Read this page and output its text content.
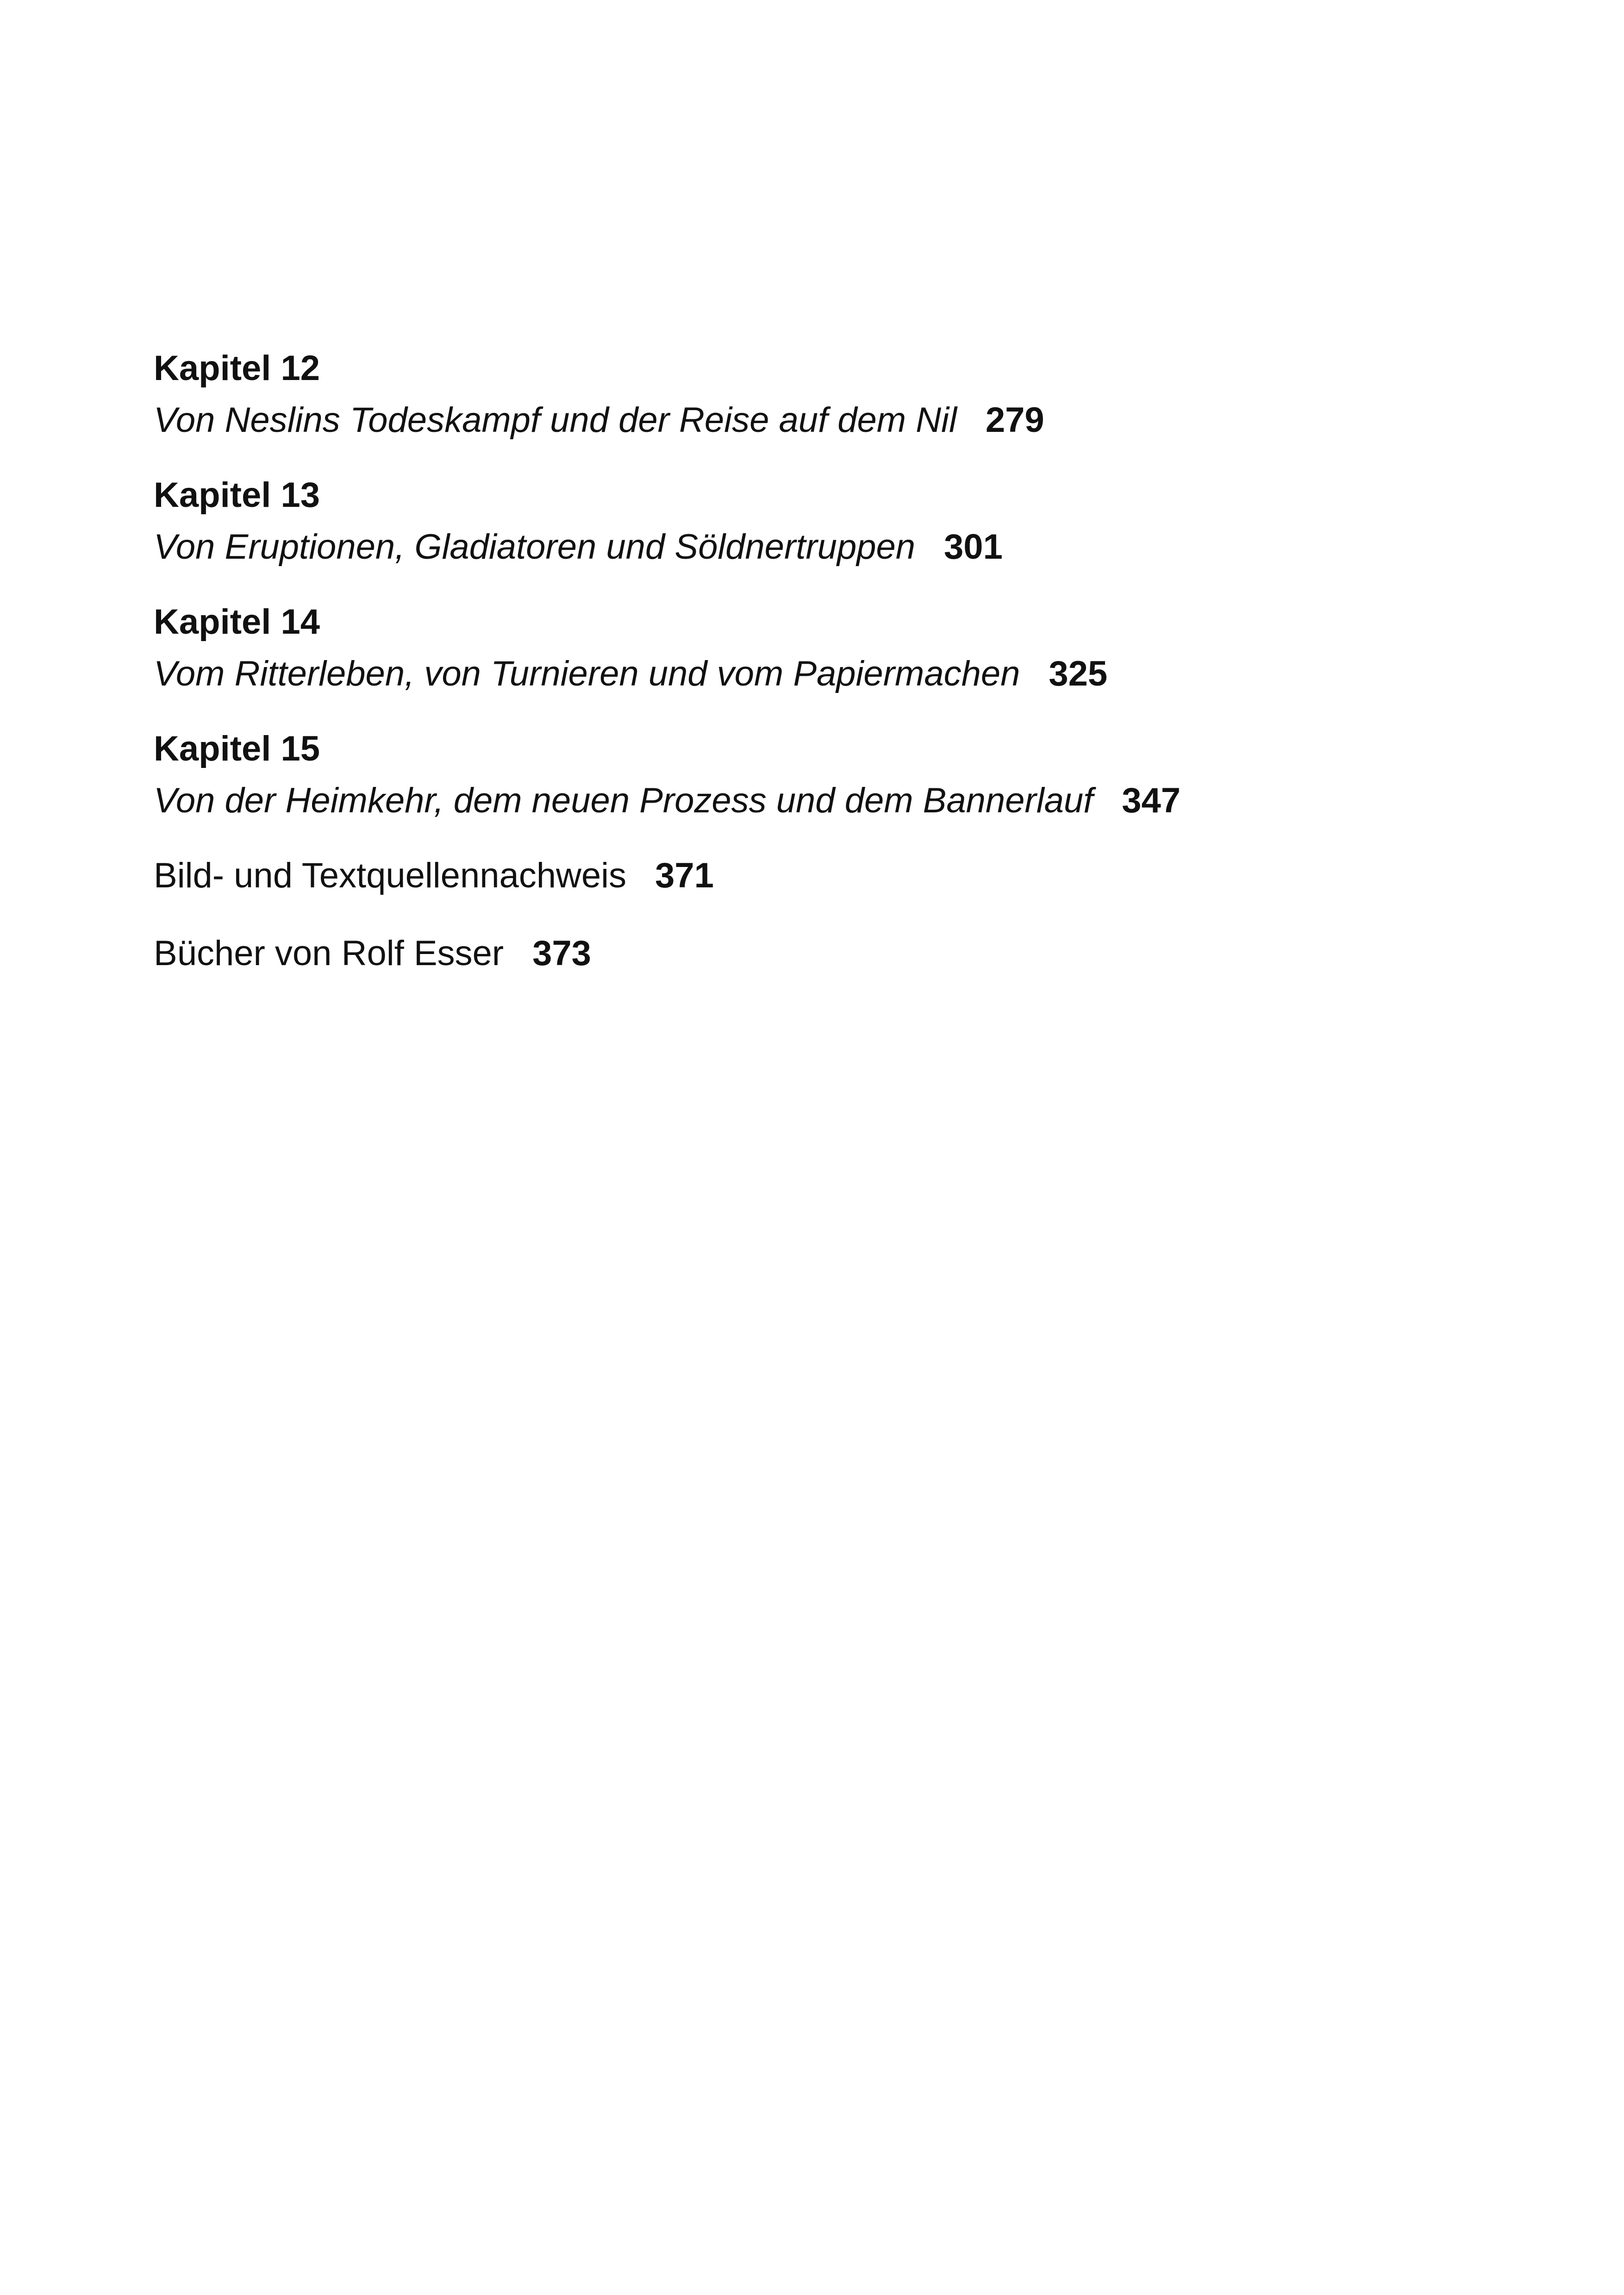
Kapitel 12
Von Neslins Todeskampf und der Reise auf dem Nil 279
Kapitel 13
Von Eruptionen, Gladiatoren und Söldnertruppen 301
Kapitel 14
Vom Ritterleben, von Turnieren und vom Papiermachen 325
Kapitel 15
Von der Heimkehr, dem neuen Prozess und dem Bannerlauf 347
Bild- und Textquellennachweis 371
Bücher von Rolf Esser 373
